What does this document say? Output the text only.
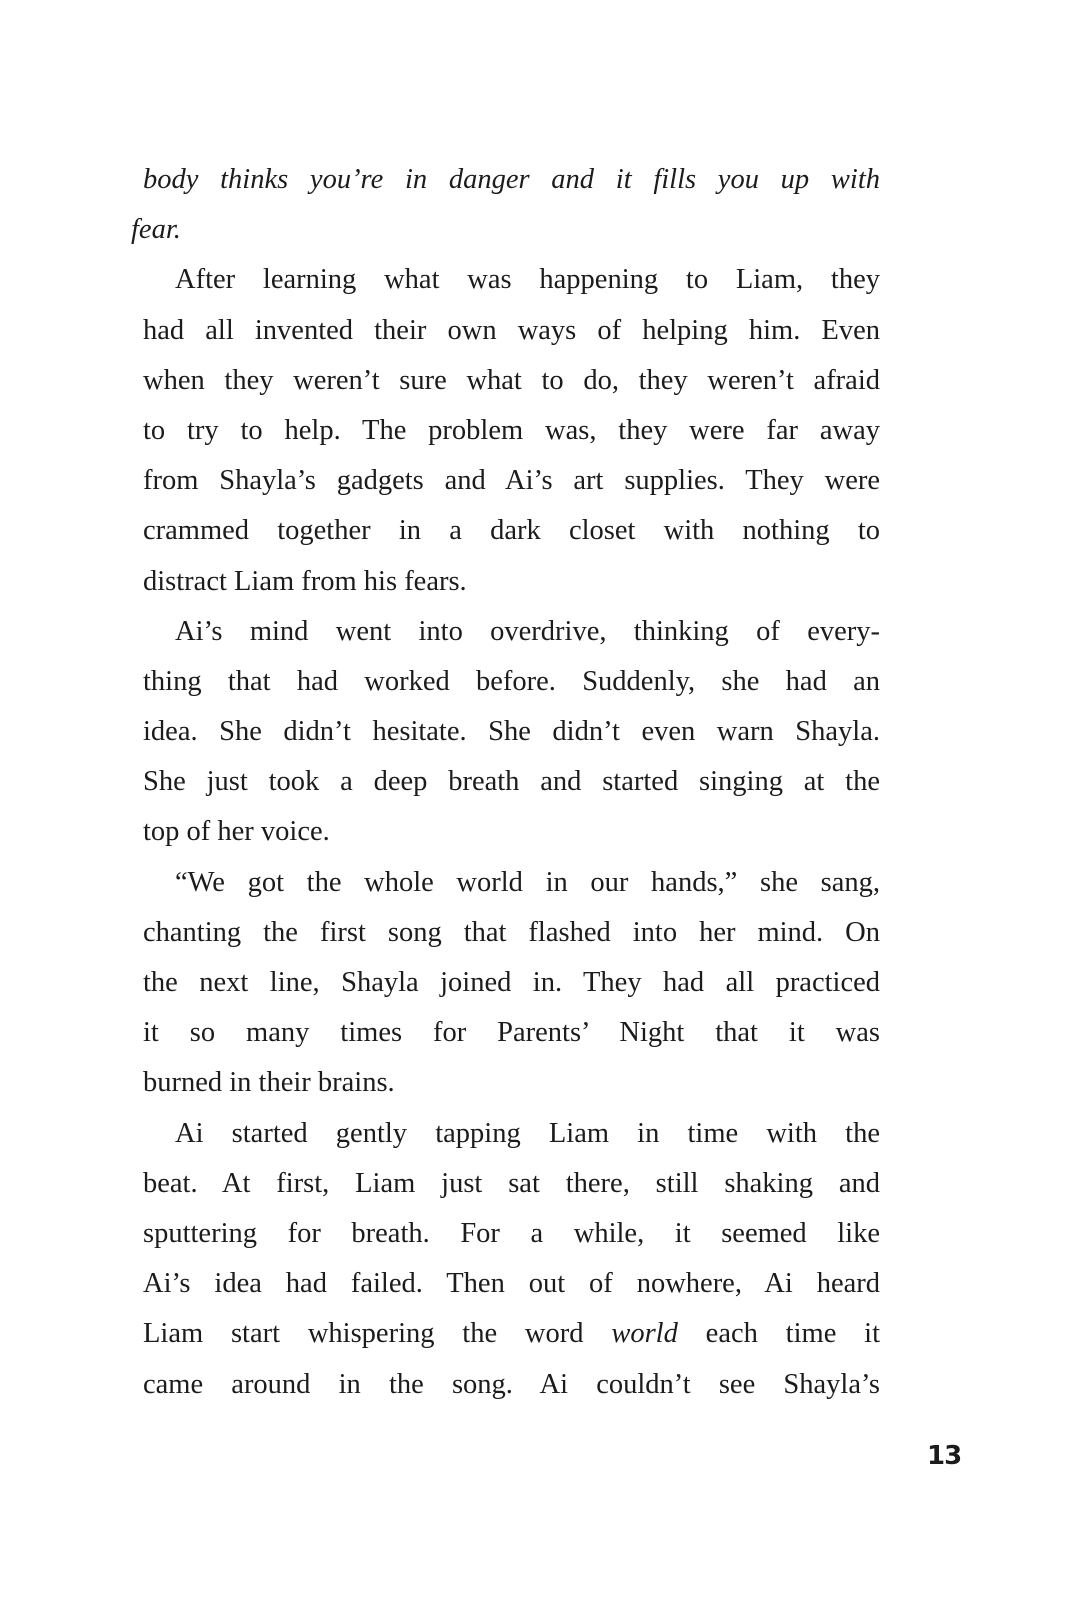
body thinks you’re in danger and it fills you up with
fear.
After learning what was happening to Liam, they
had all invented their own ways of helping him. Even
when they weren’t sure what to do, they weren’t afraid
to try to help. The problem was, they were far away
from Shayla’s gadgets and Ai’s art supplies. They were
crammed together in a dark closet with nothing to
distract Liam from his fears.
Ai’s mind went into overdrive, thinking of every-
thing that had worked before. Suddenly, she had an
idea. She didn’t hesitate. She didn’t even warn Shayla.
She just took a deep breath and started singing at the
top of her voice.
“We got the whole world in our hands,” she sang,
chanting the first song that flashed into her mind. On
the next line, Shayla joined in. They had all practiced
it so many times for Parents’ Night that it was
burned in their brains.
Ai started gently tapping Liam in time with the
beat. At first, Liam just sat there, still shaking and
sputtering for breath. For a while, it seemed like
Ai’s idea had failed. Then out of nowhere, Ai heard
Liam start whispering the word world each time it
came around in the song. Ai couldn’t see Shayla’s
13
